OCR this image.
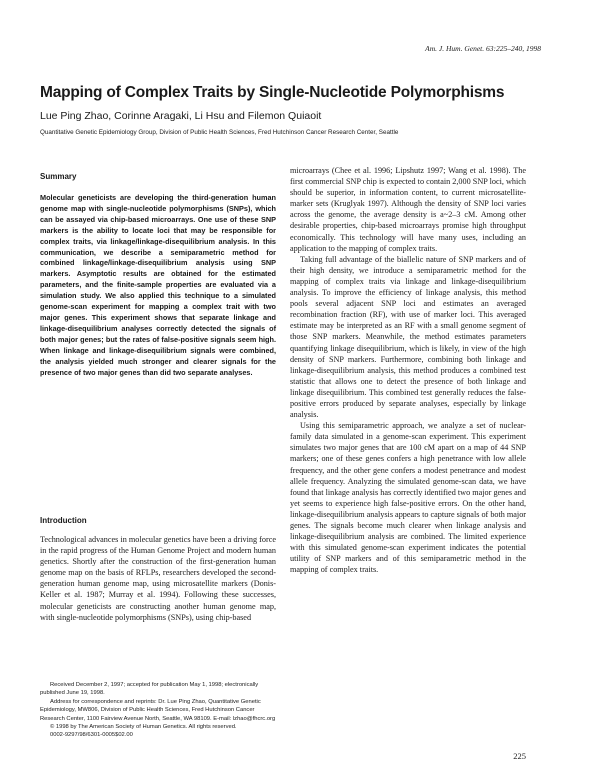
Am. J. Hum. Genet. 63:225–240, 1998
Mapping of Complex Traits by Single-Nucleotide Polymorphisms
Lue Ping Zhao, Corinne Aragaki, Li Hsu and Filemon Quiaoit
Quantitative Genetic Epidemiology Group, Division of Public Health Sciences, Fred Hutchinson Cancer Research Center, Seattle
Summary

Molecular geneticists are developing the third-generation human genome map with single-nucleotide polymorphisms (SNPs), which can be assayed via chip-based microarrays. One use of these SNP markers is the ability to locate loci that may be responsible for complex traits, via linkage/linkage-disequilibrium analysis. In this communication, we describe a semiparametric method for combined linkage/linkage-disequilibrium analysis using SNP markers. Asymptotic results are obtained for the estimated parameters, and the finite-sample properties are evaluated via a simulation study. We also applied this technique to a simulated genome-scan experiment for mapping a complex trait with two major genes. This experiment shows that separate linkage and linkage-disequilibrium analyses correctly detected the signals of both major genes; but the rates of false-positive signals seem high. When linkage and linkage-disequilibrium signals were combined, the analysis yielded much stronger and clearer signals for the presence of two major genes than did two separate analyses.

Introduction

Technological advances in molecular genetics have been a driving force in the rapid progress of the Human Genome Project and modern human genetics. Shortly after the construction of the first-generation human genome map on the basis of RFLPs, researchers developed the second-generation human genome map, using microsatellite markers (Donis-Keller et al. 1987; Murray et al. 1994). Following these successes, molecular geneticists are constructing another human genome map, with single-nucleotide polymorphisms (SNPs), using chip-based

microarrays (Chee et al. 1996; Lipshutz 1997; Wang et al. 1998). The first commercial SNP chip is expected to contain 2,000 SNP loci, which should be superior, in information content, to current microsatellite-marker sets (Kruglyak 1997). Although the density of SNP loci varies across the genome, the average density is a~2–3 cM. Among other desirable properties, chip-based microarrays promise high throughput economically. This technology will have many uses, including an application to the mapping of complex traits.

Taking full advantage of the biallelic nature of SNP markers and of their high density, we introduce a semiparametric method for the mapping of complex traits via linkage and linkage-disequilibrium analysis. To improve the efficiency of linkage analysis, this method pools several adjacent SNP loci and estimates an averaged recombination fraction (RF), with use of marker loci. This averaged estimate may be interpreted as an RF with a small genome segment of those SNP markers. Meanwhile, the method estimates parameters quantifying linkage disequilibrium, which is likely, in view of the high density of SNP markers. Furthermore, combining both linkage and linkage-disequilibrium analysis, this method produces a combined test statistic that allows one to detect the presence of both linkage and linkage disequilibrium. This combined test generally reduces the false-positive errors produced by separate analyses, especially by linkage analysis.

Using this semiparametric approach, we analyze a set of nuclear-family data simulated in a genome-scan experiment. This experiment simulates two major genes that are 100 cM apart on a map of 44 SNP markers; one of these genes confers a high penetrance with low allele frequency, and the other gene confers a modest penetrance and modest allele frequency. Analyzing the simulated genome-scan data, we have found that linkage analysis has correctly identified two major genes and yet seems to experience high false-positive errors. On the other hand, linkage-disequilibrium analysis appears to capture signals of both major genes. The signals become much clearer when linkage analysis and linkage-disequilibrium analysis are combined. The limited experience with this simulated genome-scan experiment indicates the potential utility of SNP markers and of this semiparametric method in the mapping of complex traits.

Received December 2, 1997; accepted for publication May 1, 1998; electronically published June 19, 1998.

Address for correspondence and reprints: Dr. Lue Ping Zhao, Quantitative Genetic Epidemiology, MW806, Division of Public Health Sciences, Fred Hutchinson Cancer Research Center, 1100 Fairview Avenue North, Seattle, WA 98109. E-mail: lzhao@fhcrc.org

© 1998 by The American Society of Human Genetics. All rights reserved.

0002-9297/98/6301-0005$02.00

225
